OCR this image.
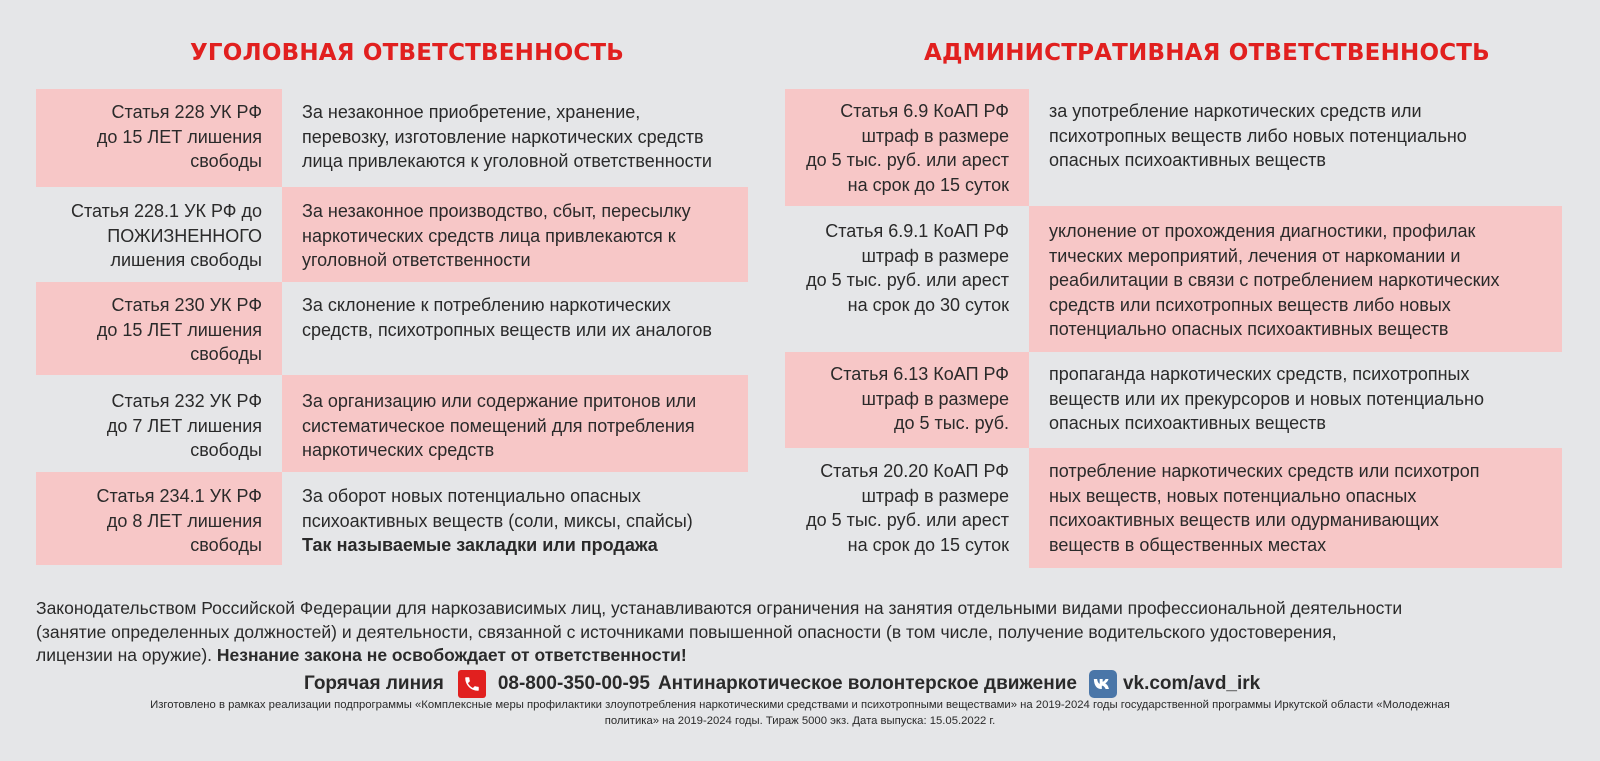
УГОЛОВНАЯ ОТВЕТСТВЕННОСТЬ	АДМИНИСТРАТИВНАЯ ОТВЕТСТВЕННОСТЬ
Статья 228 УК РФ
до 15 ЛЕТ лишения
свободы
За незаконное приобретение, хранение,
перевозку, изготовление наркотических средств
лица привлекаются к уголовной ответственности
Статья 228.1 УК РФ до
ПОЖИЗНЕННОГО
лишения свободы
За незаконное производство, сбыт, пересылку
наркотических средств лица привлекаются к
уголовной ответственности
Статья 230 УК РФ
до 15 ЛЕТ лишения
свободы
За склонение к потреблению наркотических
средств, психотропных веществ или их аналогов
Статья 232 УК РФ
до 7 ЛЕТ лишения
свободы
За организацию или содержание притонов или
систематическое помещений для потребления
наркотических средств
Статья 234.1 УК РФ
до 8 ЛЕТ лишения
свободы
За оборот новых потенциально опасных
психоактивных веществ (соли, миксы, спайсы)
Так называемые закладки или продажа
Статья 6.9 КоАП РФ
штраф в размере
до 5 тыс. руб. или арест
на срок до 15 суток
за употребление наркотических средств или
психотропных веществ либо новых потенциально
опасных психоактивных веществ
Статья 6.9.1 КоАП РФ
штраф в размере
до 5 тыс. руб. или арест
на срок до 30 суток
уклонение от прохождения диагностики, профилак
тических мероприятий, лечения от наркомании и
реабилитации в связи с потреблением наркотических
средств или психотропных веществ либо новых
потенциально опасных психоактивных веществ
Статья 6.13 КоАП РФ
штраф в размере
до 5 тыс. руб.
пропаганда наркотических средств, психотропных
веществ или их прекурсоров и новых потенциально
опасных психоактивных веществ
Статья 20.20 КоАП РФ
штраф в размере
до 5 тыс. руб. или арест
на срок до 15 суток
потребление наркотических средств или психотроп
ных веществ, новых потенциально опасных
психоактивных веществ или одурманивающих
веществ в общественных местах
Законодательством Российской Федерации для наркозависимых лиц, устанавливаются ограничения на занятия отдельными видами профессиональной деятельности
(занятие определенных должностей) и деятельности, связанной с источниками повышенной опасности (в том числе, получение водительского удостоверения,
лицензии на оружие). Незнание закона не освобождает от ответственности!
Горячая линия	08-800-350-00-95 Антинаркотическое волонтерское движение vk.com/avd_irk
Изготовлено в рамках реализации подпрограммы «Комплексные меры профилактики злоупотребления наркотическими средствами и психотропными веществами» на 2019-2024 годы государственной программы Иркутской области «Молодежная
политика» на 2019-2024 годы. Тираж 5000 экз. Дата выпуска: 15.05.2022 г.
